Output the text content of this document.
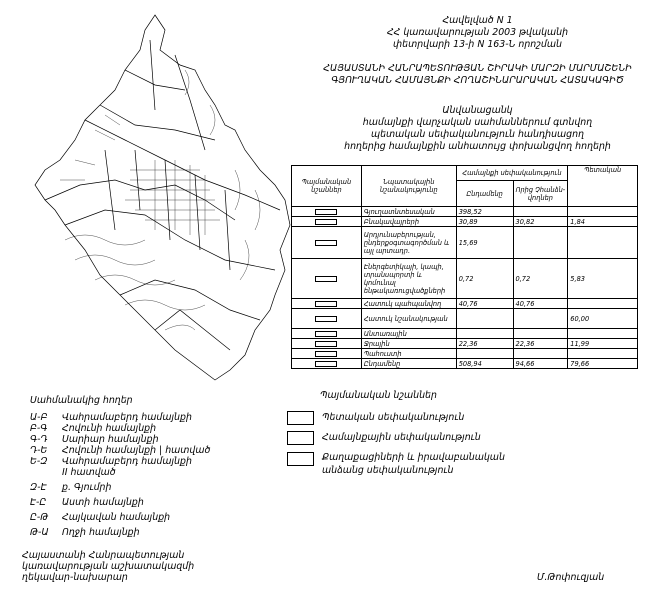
Հավելված N 1
ՀՀ կառավարության 2003 թվականի
փետրվարի 13-ի N 163-Ն որոշման
ՀԱՅԱՍՏԱՆԻ ՀԱՆՐԱՊԵՏՈՒԹՅԱՆ ՇԻՐԱԿԻ ՄԱՐԶԻ ՄԱՐՄԱՇԵՆԻ
ԳՅՈՒՂԱԿԱՆ ՀԱՄԱՅՆՔԻ ՀՈՂԱՇԻՆԱՐԱՐԱԿԱՆ ՀԱՏԱԿԱԳԻԾ
Անվանացանկ
համայնքի վարչական սահմաններում գտնվող
պետական սեփականություն հանդիսացող
հողերից համայնքին անհատույց փոխանցվող հողերի
Պայմանական նշաններ	Նպատակային նշանակությունը	Համայնքի սեփականություն		Պետական
		Ընդամենը	Որից Չհանձն-վողներ	
	Գյուղատնտեսական	398,52		
	Բնակավայրերի	30,89	30,82	1,84
	Արդյունաբերության, ընդերքօգտագործման և այլ արտադր.	15,69		
	Էներգետիկայի, կապի, տրանսպորտի և կոմունալ ենթակառուցվածքների	0,72	0,72	5,83
	Հատուկ պահպանվող	40,76	40,76	
	Հատուկ նշանակության			60,00
	Անտառային			
	Ջրային	22,36	22,36	11,99
	Պահուստի			
	Ընդամենը	508,94	94,66	79,66
Սահմանակից հողեր
Ա-Բ Վահրամաբերդ համայնքի
Բ-Գ Հովունի համայնքի
Գ-Դ Սարիար համայնքի
Դ-Ե Հովունի համայնքի | հատված
Ե-Զ Վահրամաբերդ համայնքի
II հատված
Զ-Է ք. Գյումրի
Է-Ը Աստի համայնքի
Ը-Թ Հայկավան համայնքի
Թ-Ա Ողջի համայնքի
Պայմանական նշաններ
Պետական սեփականություն
Համայնքային սեփականություն
Քաղաքացիների և իրավաբանական
անձանց սեփականություն
Հայաստանի Հանրապետության
կառավարության աշխատակազմի
ղեկավար-նախարար	Մ.Թոփուզյան
